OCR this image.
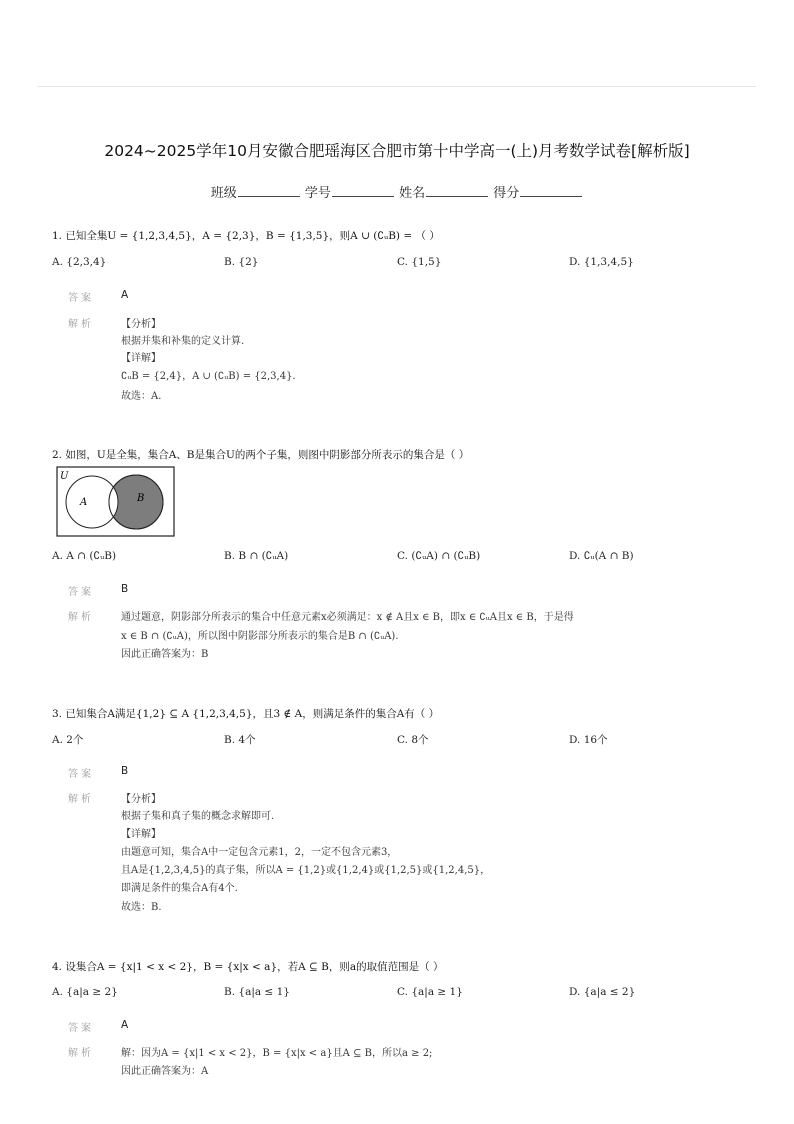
2024~2025学年10月安徽合肥瑶海区合肥市第十中学高一(上)月考数学试卷[解析版]
班级	学号	姓名	得分
1. 已知全集U = {1,2,3,4,5}，A = {2,3}，B = {1,3,5}，则A ∪ (∁ᵤB) = （ ）
A. {2,3,4}	B. {2}	C. {1,5}	D. {1,3,4,5}
答案	A
解析	【分析】
根据并集和补集的定义计算.
【详解】
∁ᵤB = {2,4}，A ∪ (∁ᵤB) = {2,3,4}.
故选：A.
2. 如图，U是全集，集合A、B是集合U的两个子集，则图中阴影部分所表示的集合是（ ）
U
A	B
A. A ∩ (∁ᵤB)	B. B ∩ (∁ᵤA)	C. (∁ᵤA) ∩ (∁ᵤB)	D. ∁ᵤ(A ∩ B)
答案	B
解析	通过题意，阴影部分所表示的集合中任意元素x必须满足：x ∉ A且x ∈ B，即x ∈ ∁ᵤA且x ∈ B，于是得
x ∈ B ∩ (∁ᵤA)，所以图中阴影部分所表示的集合是B ∩ (∁ᵤA).
因此正确答案为：B
3. 已知集合A满足{1,2} ⊆ A {1,2,3,4,5}，且3 ∉ A，则满足条件的集合A有（ ）
A. 2个	B. 4个	C. 8个	D. 16个
答案	B
解析	【分析】
根据子集和真子集的概念求解即可.
【详解】
由题意可知，集合A中一定包含元素1，2，一定不包含元素3，
且A是{1,2,3,4,5}的真子集，所以A = {1,2}或{1,2,4}或{1,2,5}或{1,2,4,5}，
即满足条件的集合A有4个.
故选：B.
4. 设集合A = {x|1 < x < 2}，B = {x|x < a}，若A ⊆ B，则a的取值范围是（ ）
A. {a|a ≥ 2}	B. {a|a ≤ 1}	C. {a|a ≥ 1}	D. {a|a ≤ 2}
答案	A
解析	解：因为A = {x|1 < x < 2}，B = {x|x < a}且A ⊆ B，所以a ≥ 2;
因此正确答案为：A
